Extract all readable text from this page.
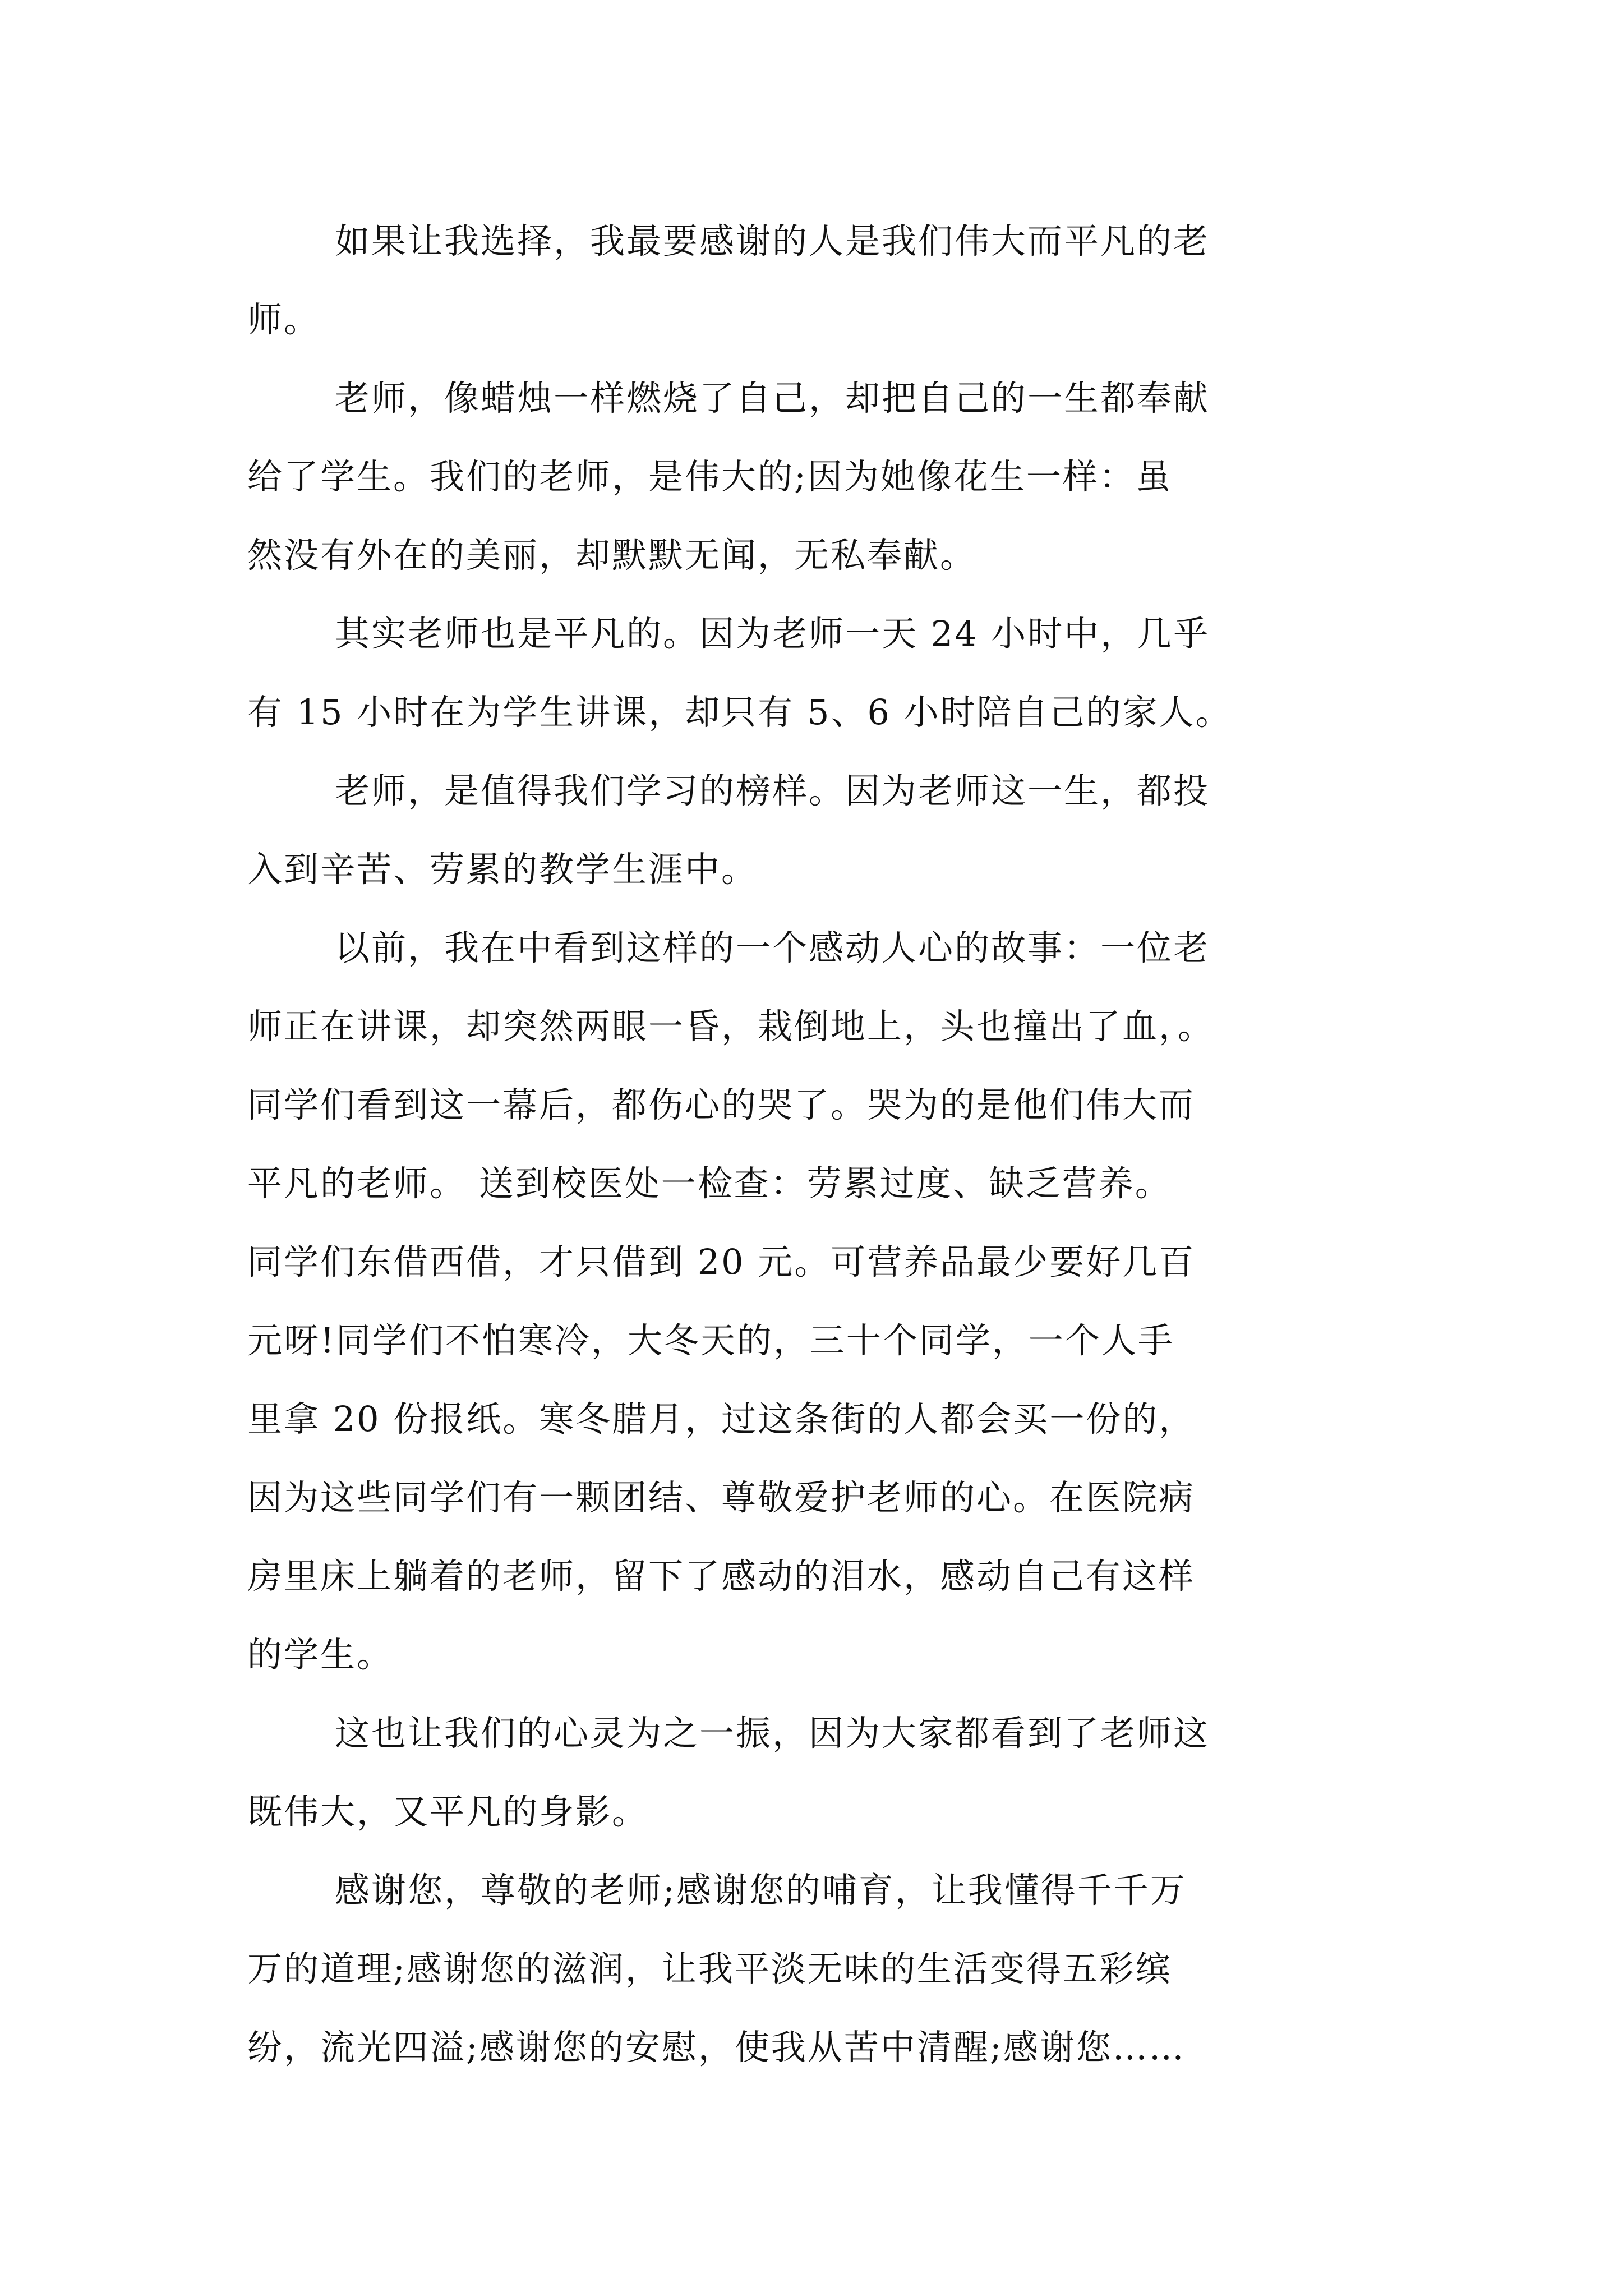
如果让我选择，我最要感谢的人是我们伟大而平凡的老
师。
老师，像蜡烛一样燃烧了自己，却把自己的一生都奉献
给了学生。我们的老师，是伟大的;因为她像花生一样：虽
然没有外在的美丽，却默默无闻，无私奉献。
其实老师也是平凡的。因为老师一天 24 小时中，几乎
有 15 小时在为学生讲课，却只有 5、6 小时陪自己的家人。
老师，是值得我们学习的榜样。因为老师这一生，都投
入到辛苦、劳累的教学生涯中。
以前，我在中看到这样的一个感动人心的故事：一位老
师正在讲课，却突然两眼一昏，栽倒地上，头也撞出了血，。
同学们看到这一幕后，都伤心的哭了。哭为的是他们伟大而
平凡的老师。 送到校医处一检查：劳累过度、缺乏营养。
同学们东借西借，才只借到 20 元。可营养品最少要好几百
元呀!同学们不怕寒冷，大冬天的，三十个同学，一个人手
里拿 20 份报纸。寒冬腊月，过这条街的人都会买一份的，
因为这些同学们有一颗团结、尊敬爱护老师的心。在医院病
房里床上躺着的老师，留下了感动的泪水，感动自己有这样
的学生。
这也让我们的心灵为之一振，因为大家都看到了老师这
既伟大，又平凡的身影。
感谢您，尊敬的老师;感谢您的哺育，让我懂得千千万
万的道理;感谢您的滋润，让我平淡无味的生活变得五彩缤
纷，流光四溢;感谢您的安慰，使我从苦中清醒;感谢您……
